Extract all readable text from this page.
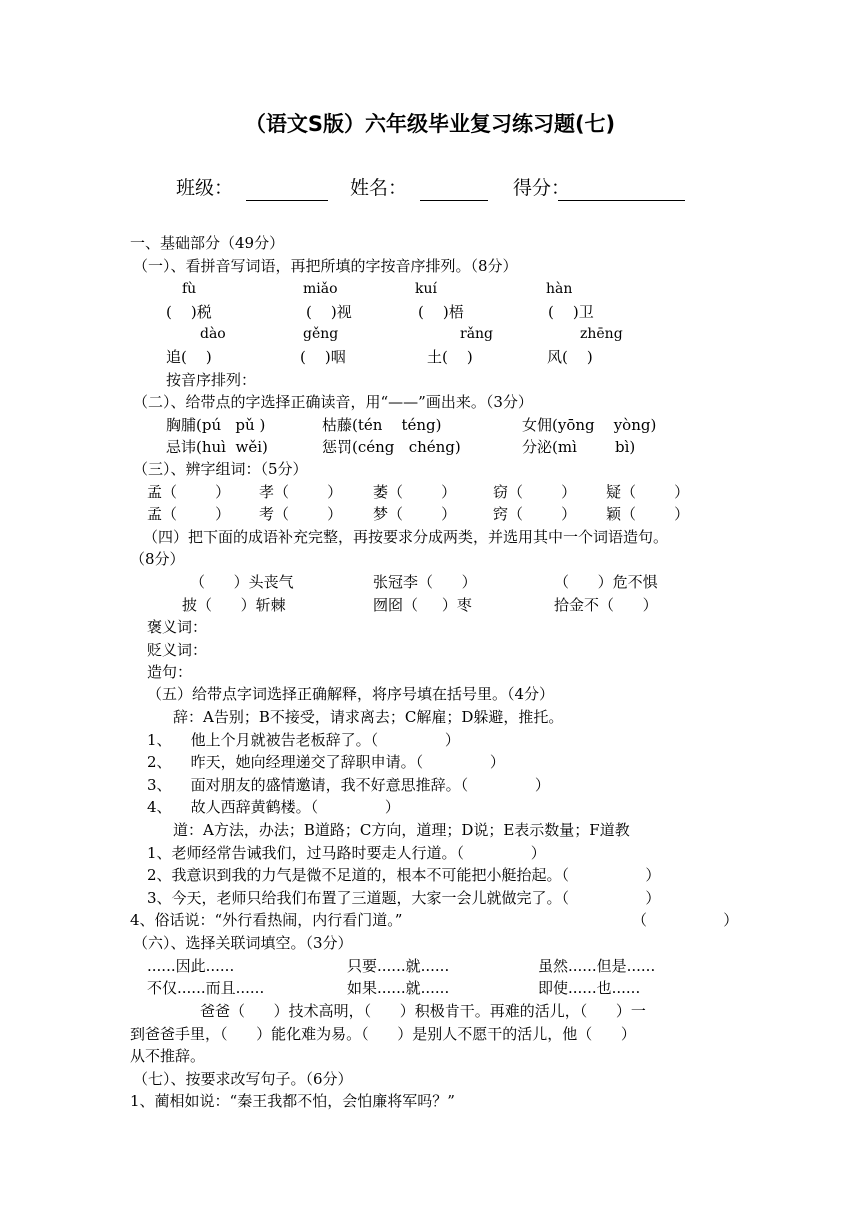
（语文S版）六年级毕业复习练习题(七)
班级：	姓名：	得分：
一、基础部分（49分）
（一）、看拼音写词语，再把所填的字按音序排列。（8分）
fù	miǎo	kuí	hàn
(    )税	(    )视	(    )梧	(    )卫
dào	gěng	rǎng	zhēng
追(    )	(    )咽	土(    )	风(    )
按音序排列：
（二）、给带点的字选择正确读音，用“——”画出来。（3分）
胸脯(pú   pǔ )	枯藤(tén    téng)	女佣(yōng    yòng)
忌讳(huì  wěi)	惩罚(céng   chéng)	分泌(mì        bì)
（三）、辨字组词：（5分）
孟（        ） 孝（        ） 萎（        ） 窃（        ） 疑（        ）
孟（        ） 考（        ） 梦（        ） 窍（        ） 颖（        ）
（四）把下面的成语补充完整，再按要求分成两类，并选用其中一个词语造句。
（8分）
（      ）头丧气	张冠李（      ）	（      ）危不惧
披（      ）斩棘	囫囵（     ）枣	拾金不（      ）
褒义词：
贬义词：
造句：
（五）给带点字词选择正确解释，将序号填在括号里。（4分）
辞：A告别；B不接受，请求离去；C解雇；D躲避，推托。
1、    他上个月就被告老板辞了。（              ）
2、    昨天，她向经理递交了辞职申请。（              ）
3、    面对朋友的盛情邀请，我不好意思推辞。（              ）
4、    故人西辞黄鹤楼。（              ）
道：A方法，办法；B道路；C方向，道理；D说；E表示数量；F道教
1、老师经常告诫我们，过马路时要走人行道。（              ）
2、我意识到我的力气是微不足道的，根本不可能把小艇抬起。（                ）
3、今天，老师只给我们布置了三道题，大家一会儿就做完了。（                ）
4、俗话说：“外行看热闹，内行看门道。”	（                ）
（六）、选择关联词填空。（3分）
......因此......	只要......就......	虽然......但是......
不仅......而且......	如果......就......	即使......也......
爸爸（      ）技术高明，（      ）积极肯干。再难的活儿，（      ）一
到爸爸手里，（      ）能化难为易。（      ）是别人不愿干的活儿，他（      ）
从不推辞。
（七）、按要求改写句子。（6分）
1、蔺相如说：“秦王我都不怕，会怕廉将军吗？”
